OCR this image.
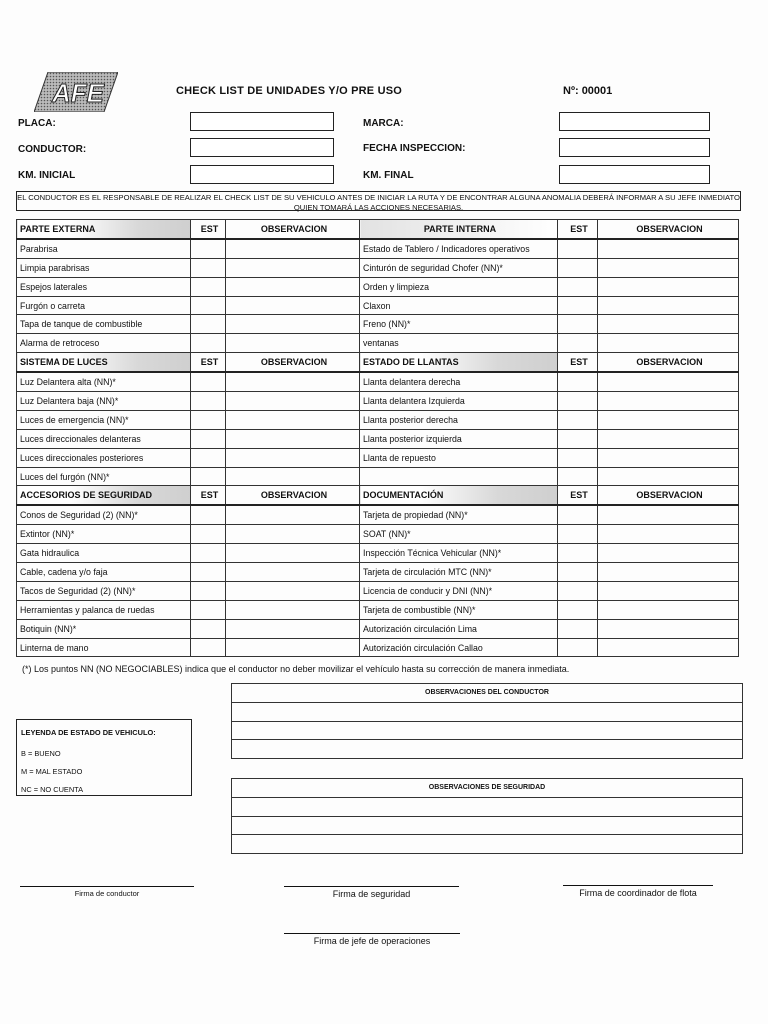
AFE	CHECK LIST DE UNIDADES Y/O PRE USO	Nº: 00001
PLACA:	MARCA:
CONDUCTOR:	FECHA INSPECCION:
KM. INICIAL	KM. FINAL
EL CONDUCTOR ES EL RESPONSABLE DE REALIZAR EL CHECK LIST DE SU VEHICULO ANTES DE INICIAR LA RUTA Y DE ENCONTRAR ALGUNA ANOMALIA DEBERÁ INFORMAR A SU JEFE INMEDIATO QUIEN TOMARÁ LAS ACCIONES NECESARIAS.
PARTE EXTERNA	EST	OBSERVACION	PARTE INTERNA	EST	OBSERVACION
Parabrisa			Estado de Tablero / Indicadores operativos		
Limpia parabrisas			Cinturón de seguridad Chofer (NN)*		
Espejos laterales			Orden y limpieza		
Furgón o carreta			Claxon		
Tapa de tanque de combustible			Freno (NN)*		
Alarma de retroceso			ventanas		
SISTEMA DE LUCES	EST	OBSERVACION	ESTADO DE LLANTAS	EST	OBSERVACION
Luz Delantera alta (NN)*			Llanta delantera derecha		
Luz Delantera baja (NN)*			Llanta delantera Izquierda		
Luces de emergencia (NN)*			Llanta posterior derecha		
Luces direccionales delanteras			Llanta posterior izquierda		
Luces direccionales posteriores			Llanta de repuesto		
Luces del furgón (NN)*					
ACCESORIOS DE SEGURIDAD	EST	OBSERVACION	DOCUMENTACIÓN	EST	OBSERVACION
Conos de Seguridad (2) (NN)*			Tarjeta de propiedad (NN)*		
Extintor (NN)*			SOAT (NN)*		
Gata hidraulica			Inspección Técnica Vehicular (NN)*		
Cable, cadena y/o faja			Tarjeta de circulación MTC (NN)*		
Tacos de Seguridad (2) (NN)*			Licencia de conducir y DNI (NN)*		
Herramientas y palanca de ruedas			Tarjeta de combustible (NN)*		
Botiquin (NN)*			Autorización circulación Lima		
Linterna de mano			Autorización circulación Callao		
(*) Los puntos NN (NO NEGOCIABLES) indica que el conductor no deber movilizar el vehículo hasta su corrección de manera inmediata.
OBSERVACIONES DEL CONDUCTOR

LEYENDA DE ESTADO DE VEHICULO:
B = BUENO
M = MAL ESTADO
NC = NO CUENTA	OBSERVACIONES DE SEGURIDAD

Firma de conductor	Firma de seguridad	Firma de coordinador de flota
Firma de jefe de operaciones
